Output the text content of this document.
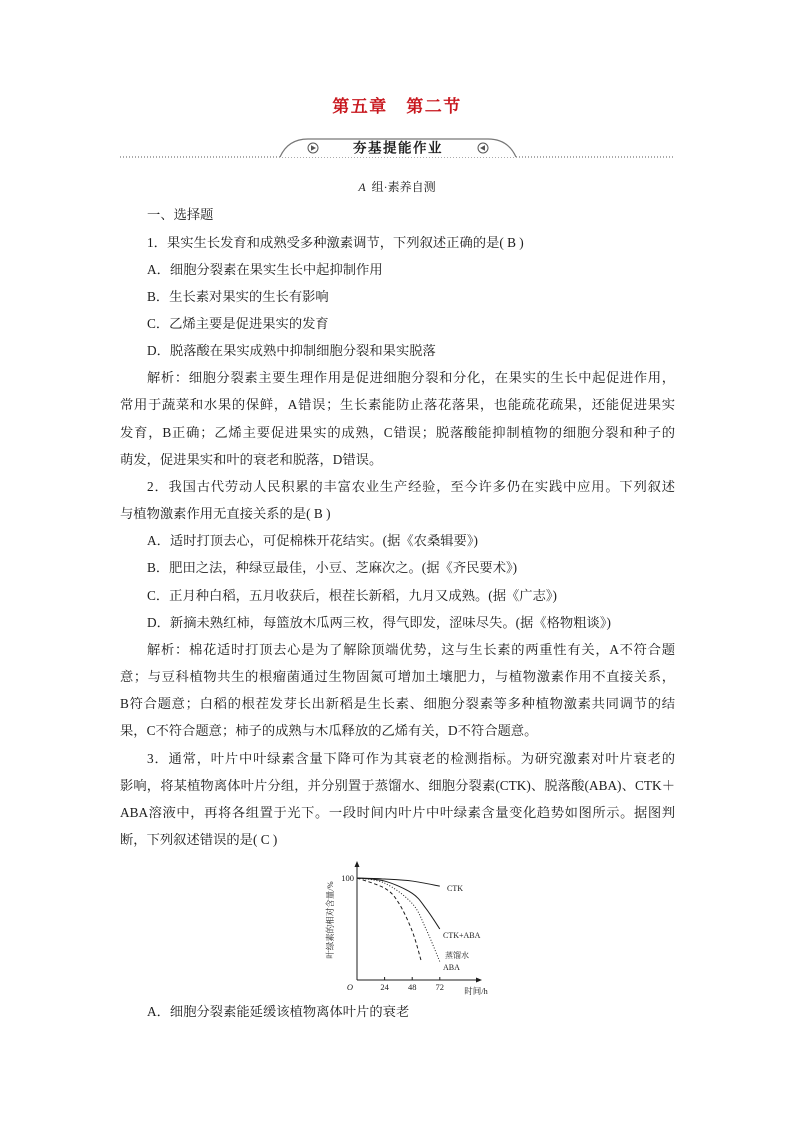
第五章　第二节
夯基提能作业
A 组·素养自测
一、选择题
1．果实生长发育和成熟受多种激素调节，下列叙述正确的是( B )
A．细胞分裂素在果实生长中起抑制作用
B．生长素对果实的生长有影响
C．乙烯主要是促进果实的发育
D．脱落酸在果实成熟中抑制细胞分裂和果实脱落
解析：细胞分裂素主要生理作用是促进细胞分裂和分化，在果实的生长中起促进作用，
常用于蔬菜和水果的保鲜，A错误；生长素能防止落花落果，也能疏花疏果，还能促进果实
发育，B正确；乙烯主要促进果实的成熟，C错误；脱落酸能抑制植物的细胞分裂和种子的
萌发，促进果实和叶的衰老和脱落，D错误。
2．我国古代劳动人民积累的丰富农业生产经验，至今许多仍在实践中应用。下列叙述
与植物激素作用无直接关系的是( B )
A．适时打顶去心，可促棉株开花结实。(据《农桑辑要》)
B．肥田之法，种绿豆最佳，小豆、芝麻次之。(据《齐民要术》)
C．正月种白稻，五月收获后，根茬长新稻，九月又成熟。(据《广志》)
D．新摘未熟红柿，每篮放木瓜两三枚，得气即发，涩味尽失。(据《格物粗谈》)
解析：棉花适时打顶去心是为了解除顶端优势，这与生长素的两重性有关，A不符合题
意；与豆科植物共生的根瘤菌通过生物固氮可增加土壤肥力，与植物激素作用不直接关系，
B符合题意；白稻的根茬发芽长出新稻是生长素、细胞分裂素等多种植物激素共同调节的结
果，C不符合题意；柿子的成熟与木瓜释放的乙烯有关，D不符合题意。
3．通常，叶片中叶绿素含量下降可作为其衰老的检测指标。为研究激素对叶片衰老的
影响，将某植物离体叶片分组，并分别置于蒸馏水、细胞分裂素(CTK)、脱落酸(ABA)、CTK＋
ABA溶液中，再将各组置于光下。一段时间内叶片中叶绿素含量变化趋势如图所示。据图判
断，下列叙述错误的是( C )
叶绿素的相对含量/%
100
O	24 48 72 时间/h
CTK
CTK+ABA
蒸馏水
ABA
A．细胞分裂素能延缓该植物离体叶片的衰老
